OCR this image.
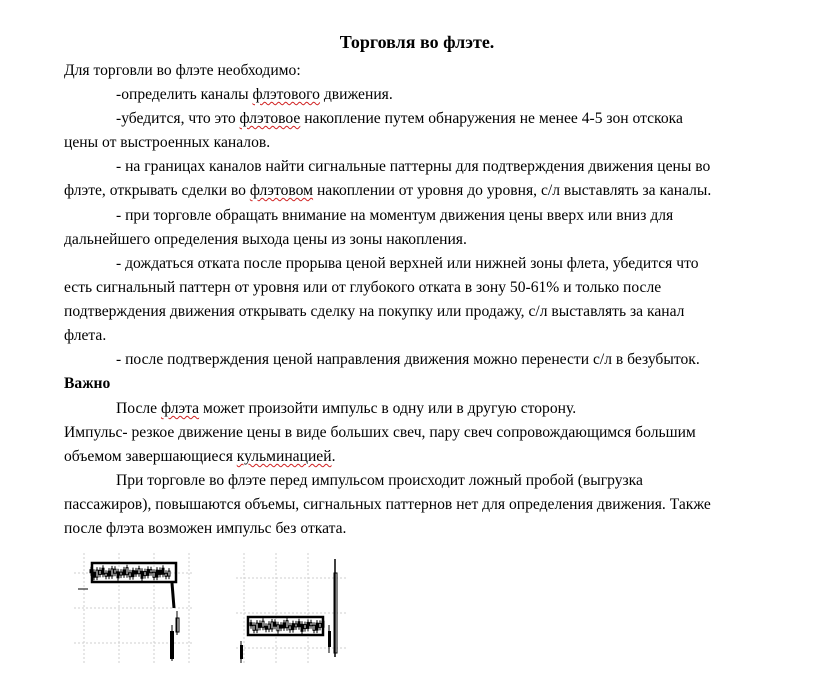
Торговля во флэте.
Для торговли во флэте необходимо:
-определить каналы флэтового движения.
-убедится, что это флэтовое накопление путем обнаружения не менее 4-5 зон отскока
цены от выстроенных каналов.
- на границах каналов найти сигнальные паттерны для подтверждения движения цены во
флэте, открывать сделки во флэтовом накоплении от уровня до уровня, с/л выставлять за каналы.
- при торговле обращать внимание на моментум движения цены вверх или вниз для
дальнейшего определения выхода цены из зоны накопления.
- дождаться отката после прорыва ценой верхней или нижней зоны флета, убедится что
есть сигнальный паттерн от уровня или от глубокого отката в зону 50-61% и только после
подтверждения движения открывать сделку на покупку или продажу, с/л выставлять за канал
флета.
- после подтверждения ценой направления движения можно перенести с/л в безубыток.
Важно
После флэта может произойти импульс в одну или в другую сторону.
Импульс- резкое движение цены в виде больших свеч, пару свеч сопровождающимся большим
объемом завершающиеся кульминацией.
При торговле во флэте перед импульсом происходит ложный пробой (выгрузка
пассажиров), повышаются объемы, сигнальных паттернов нет для определения движения. Также
после флэта возможен импульс без отката.
